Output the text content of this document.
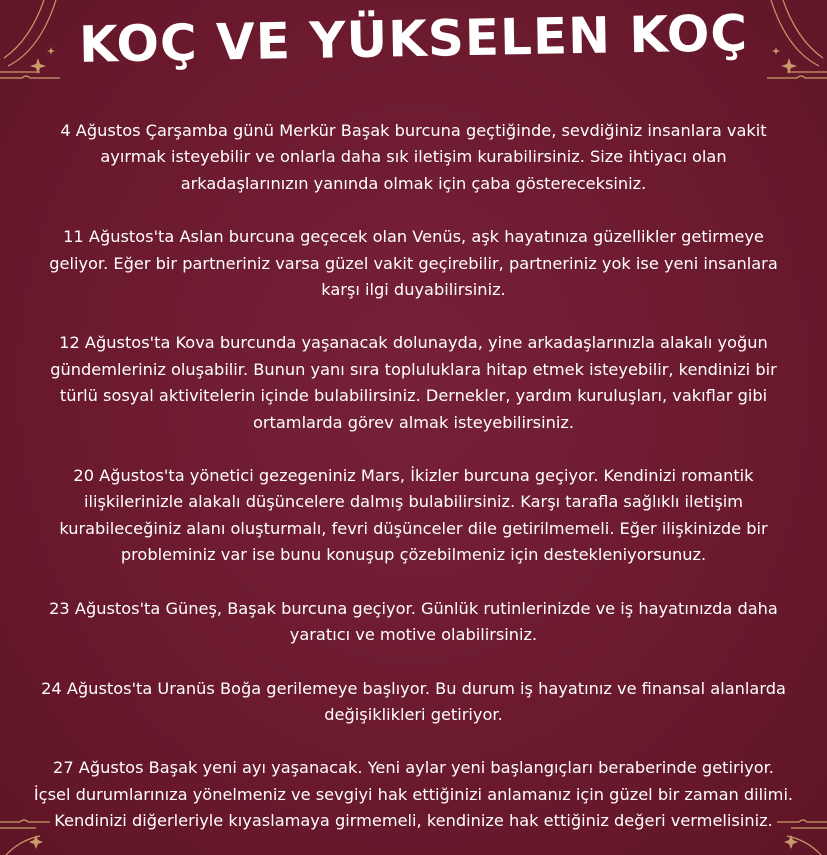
KOÇ VE YÜKSELEN KOÇ

4 Ağustos Çarşamba günü Merkür Başak burcuna geçtiğinde, sevdiğiniz insanlara vakit
ayırmak isteyebilir ve onlarla daha sık iletişim kurabilirsiniz. Size ihtiyacı olan
arkadaşlarınızın yanında olmak için çaba göstereceksiniz.

11 Ağustos'ta Aslan burcuna geçecek olan Venüs, aşk hayatınıza güzellikler getirmeye
geliyor. Eğer bir partneriniz varsa güzel vakit geçirebilir, partneriniz yok ise yeni insanlara
karşı ilgi duyabilirsiniz.

12 Ağustos'ta Kova burcunda yaşanacak dolunayda, yine arkadaşlarınızla alakalı yoğun
gündemleriniz oluşabilir. Bunun yanı sıra topluluklara hitap etmek isteyebilir, kendinizi bir
türlü sosyal aktivitelerin içinde bulabilirsiniz. Dernekler, yardım kuruluşları, vakıflar gibi
ortamlarda görev almak isteyebilirsiniz.

20 Ağustos'ta yönetici gezegeniniz Mars, İkizler burcuna geçiyor. Kendinizi romantik
ilişkilerinizle alakalı düşüncelere dalmış bulabilirsiniz. Karşı tarafla sağlıklı iletişim
kurabileceğiniz alanı oluşturmalı, fevri düşünceler dile getirilmemeli. Eğer ilişkinizde bir
probleminiz var ise bunu konuşup çözebilmeniz için destekleniyorsunuz.

23 Ağustos'ta Güneş, Başak burcuna geçiyor. Günlük rutinlerinizde ve iş hayatınızda daha
yaratıcı ve motive olabilirsiniz.

24 Ağustos'ta Uranüs Boğa gerilemeye başlıyor. Bu durum iş hayatınız ve finansal alanlarda
değişiklikleri getiriyor.

27 Ağustos Başak yeni ayı yaşanacak. Yeni aylar yeni başlangıçları beraberinde getiriyor.
İçsel durumlarınıza yönelmeniz ve sevgiyi hak ettiğinizi anlamanız için güzel bir zaman dilimi.
Kendinizi diğerleriyle kıyaslamaya girmemeli, kendinize hak ettiğiniz değeri vermelisiniz.
